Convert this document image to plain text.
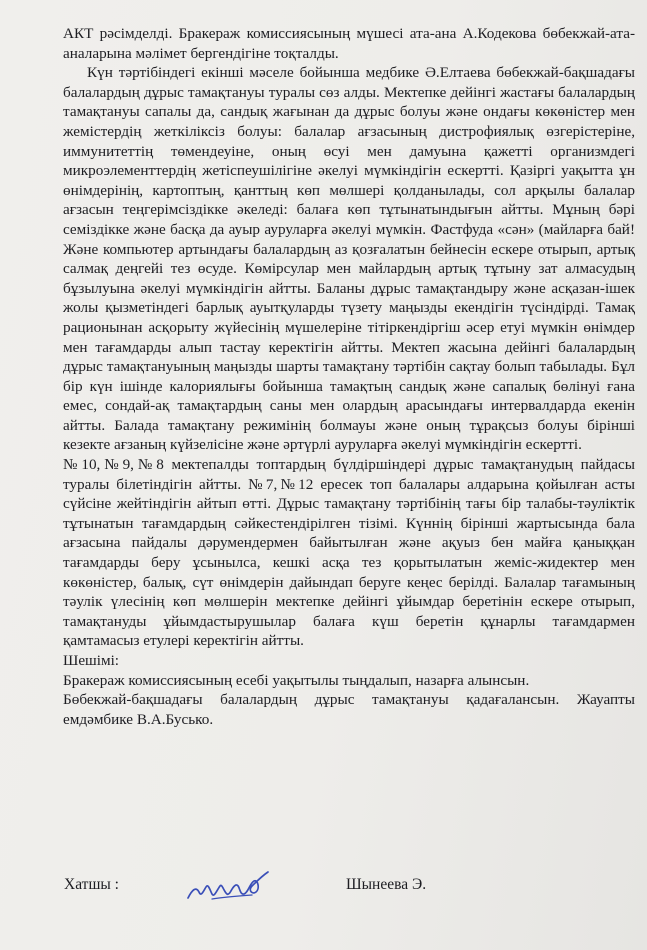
АКТ рәсімделді. Бракераж комиссиясының мүшесі ата-ана А.Кодекова бөбекжай-ата-аналарына мәлімет бергендігіне тоқталды.

Күн тәртібіндегі екінші мәселе бойынша медбике Ә.Елтаева бөбекжай-бақшадағы балалардың дұрыс тамақтануы туралы сөз алды. Мектепке дейінгі жастағы балалардың тамақтануы сапалы да, сандық жағынан да дұрыс болуы және ондағы көкөністер мен жемістердің жеткіліксіз болуы: балалар ағзасының дистрофиялық өзгерістеріне, иммунитеттің төмендеуіне, оның өсуі мен дамуына қажетті организмдегі микроэлементтердің жетіспеушілігіне әкелуі мүмкіндігін ескертті. Қазіргі уақытта ұн өнімдерінің, картоптың, қанттың көп мөлшері қолданылады, сол арқылы балалар ағзасын теңгерімсіздікке әкеледі: балаға көп тұтынатындығын айтты. Мұның бәрі семіздікке және басқа да ауыр ауруларға әкелуі мүмкін. Фастфуда «сән» (майларға бай! Және компьютер артындағы балалардың аз қозғалатын бейнесін ескере отырып, артық салмақ деңгейі тез өсуде. Көмірсулар мен майлардың артық тұтыну зат алмасудың бұзылуына әкелуі мүмкіндігін айтты. Баланы дұрыс тамақтандыру және асқазан-ішек жолы қызметіндегі барлық ауытқуларды түзету маңызды екендігін түсіндірді. Тамақ рационынан асқорыту жүйесінің мүшелеріне тітіркендіргіш әсер етуі мүмкін өнімдер мен тағамдарды алып тастау керектігін айтты. Мектеп жасына дейінгі балалардың дұрыс тамақтануының маңызды шарты тамақтану тәртібін сақтау болып табылады. Бұл бір күн ішінде калориялығы бойынша тамақтың сандық және сапалық бөлінуі ғана емес, сондай-ақ тамақтардың саны мен олардың арасындағы интервалдарда екенін айтты. Балада тамақтану режимінің болмауы және оның тұрақсыз болуы бірінші кезекте ағзаның күйзелісіне және әртүрлі ауруларға әкелуі мүмкіндігін ескертті.

№10,№9,№8 мектепалды топтардың бүлдіршіндері дұрыс тамақтанудың пайдасы туралы білетіндігін айтты. №7,№12 ересек топ балалары алдарына қойылған асты сүйсіне жейтіндігін айтып өтті. Дұрыс тамақтану тәртібінің тағы бір талабы-тәуліктік тұтынатын тағамдардың сәйкестендірілген тізімі. Күннің бірінші жартысында бала ағзасына пайдалы дәрумендермен байытылған және ақуыз бен майға қаныққан тағамдарды беру ұсынылса, кешкі асқа тез қорытылатын жеміс-жидектер мен көкөністер, балық, сүт өнімдерін дайындап беруге кеңес берілді. Балалар тағамының тәулік үлесінің көп мөлшерін мектепке дейінгі ұйымдар беретінін ескере отырып, тамақтануды ұйымдастырушылар балаға күш беретін құнарлы тағамдармен қамтамасыз етулері керектігін айтты.

Шешімі:

Бракераж комиссиясының есебі уақытылы тыңдалып, назарға алынсын.

Бөбекжай-бақшадағы балалардың дұрыс тамақтануы қадағалансын. Жауапты емдәмбике В.А.Бусько.

Хатшы :	Шынеева Э.
